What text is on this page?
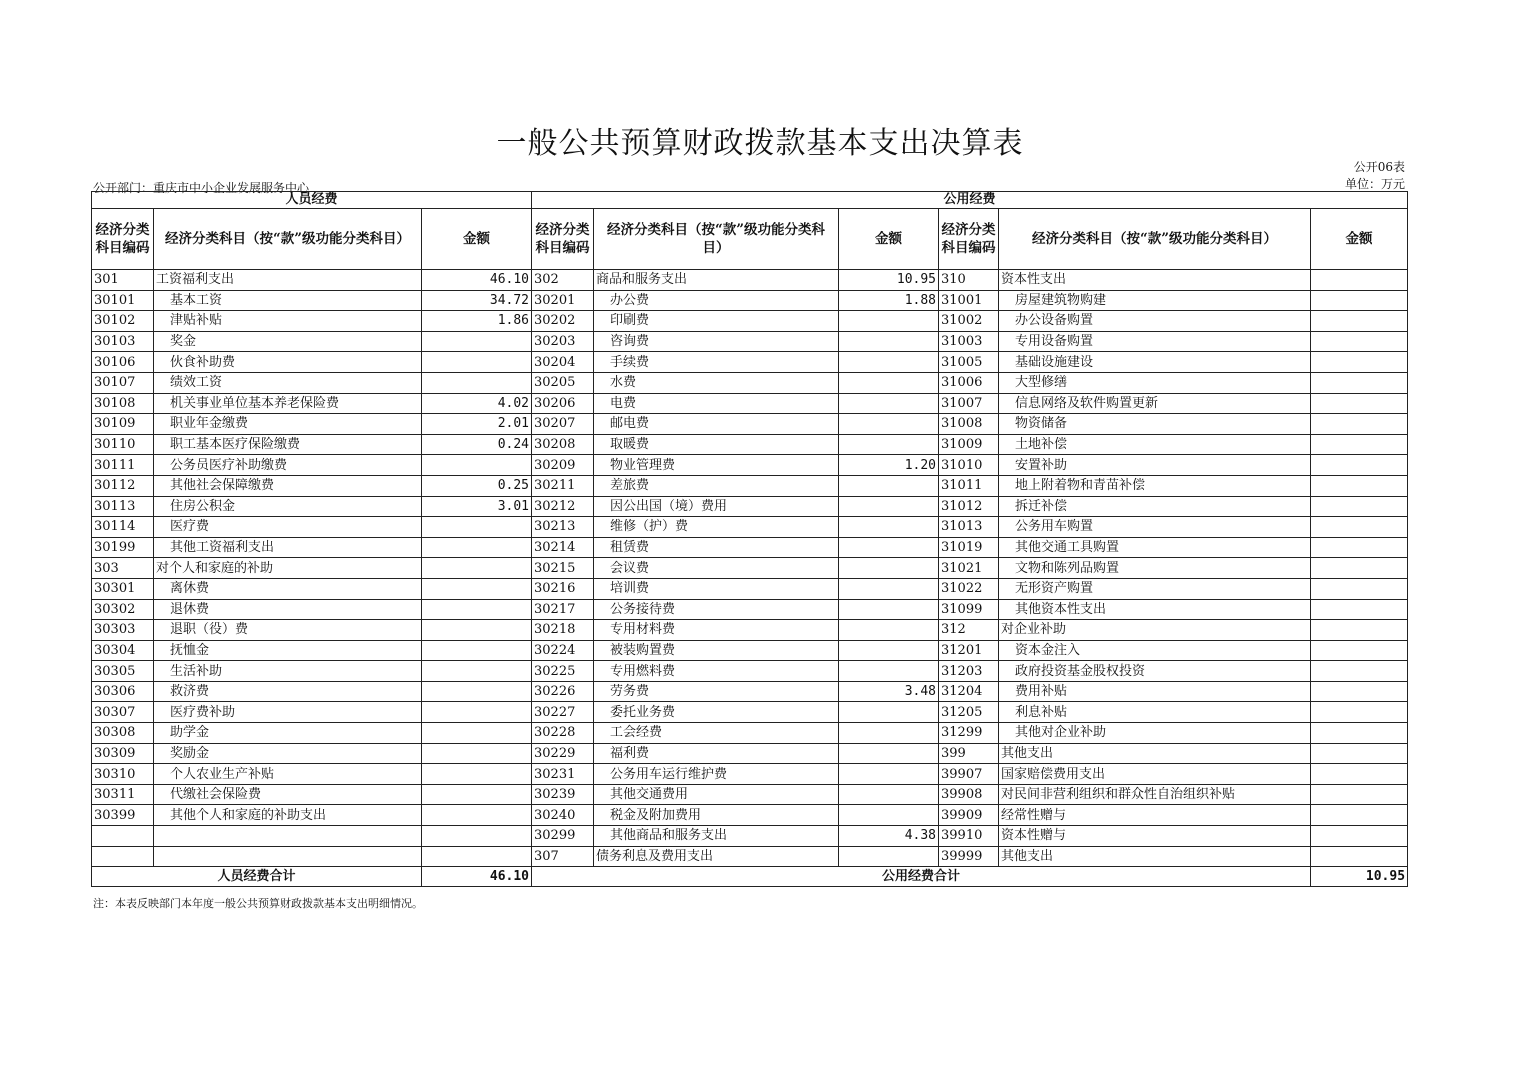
一般公共预算财政拨款基本支出决算表
公开06表
单位：万元
公开部门：重庆市中小企业发展服务中心
人员经费			公用经费					
经济分类科目编码	经济分类科目（按“款”级功能分类科目）	金额	经济分类科目编码	经济分类科目（按“款”级功能分类科目）	金额	经济分类科目编码	经济分类科目（按“款”级功能分类科目）	金额
301	工资福利支出	46.10	302	商品和服务支出	10.95	310	资本性支出	
30101	基本工资	34.72	30201	办公费	1.88	31001	房屋建筑物购建	
30102	津贴补贴	1.86	30202	印刷费		31002	办公设备购置	
30103	奖金		30203	咨询费		31003	专用设备购置	
30106	伙食补助费		30204	手续费		31005	基础设施建设	
30107	绩效工资		30205	水费		31006	大型修缮	
30108	机关事业单位基本养老保险费	4.02	30206	电费		31007	信息网络及软件购置更新	
30109	职业年金缴费	2.01	30207	邮电费		31008	物资储备	
30110	职工基本医疗保险缴费	0.24	30208	取暖费		31009	土地补偿	
30111	公务员医疗补助缴费		30209	物业管理费	1.20	31010	安置补助	
30112	其他社会保障缴费	0.25	30211	差旅费		31011	地上附着物和青苗补偿	
30113	住房公积金	3.01	30212	因公出国（境）费用		31012	拆迁补偿	
30114	医疗费		30213	维修（护）费		31013	公务用车购置	
30199	其他工资福利支出		30214	租赁费		31019	其他交通工具购置	
303	对个人和家庭的补助		30215	会议费		31021	文物和陈列品购置	
30301	离休费		30216	培训费		31022	无形资产购置	
30302	退休费		30217	公务接待费		31099	其他资本性支出	
30303	退职（役）费		30218	专用材料费		312	对企业补助	
30304	抚恤金		30224	被装购置费		31201	资本金注入	
30305	生活补助		30225	专用燃料费		31203	政府投资基金股权投资	
30306	救济费		30226	劳务费	3.48	31204	费用补贴	
30307	医疗费补助		30227	委托业务费		31205	利息补贴	
30308	助学金		30228	工会经费		31299	其他对企业补助	
30309	奖励金		30229	福利费		399	其他支出	
30310	个人农业生产补贴		30231	公务用车运行维护费		39907	国家赔偿费用支出	
30311	代缴社会保险费		30239	其他交通费用		39908	对民间非营利组织和群众性自治组织补贴	
30399	其他个人和家庭的补助支出		30240	税金及附加费用		39909	经常性赠与	
			30299	其他商品和服务支出	4.38	39910	资本性赠与	
			307	债务利息及费用支出		39999	其他支出	
人员经费合计		46.10	公用经费合计					10.95
注：本表反映部门本年度一般公共预算财政拨款基本支出明细情况。
